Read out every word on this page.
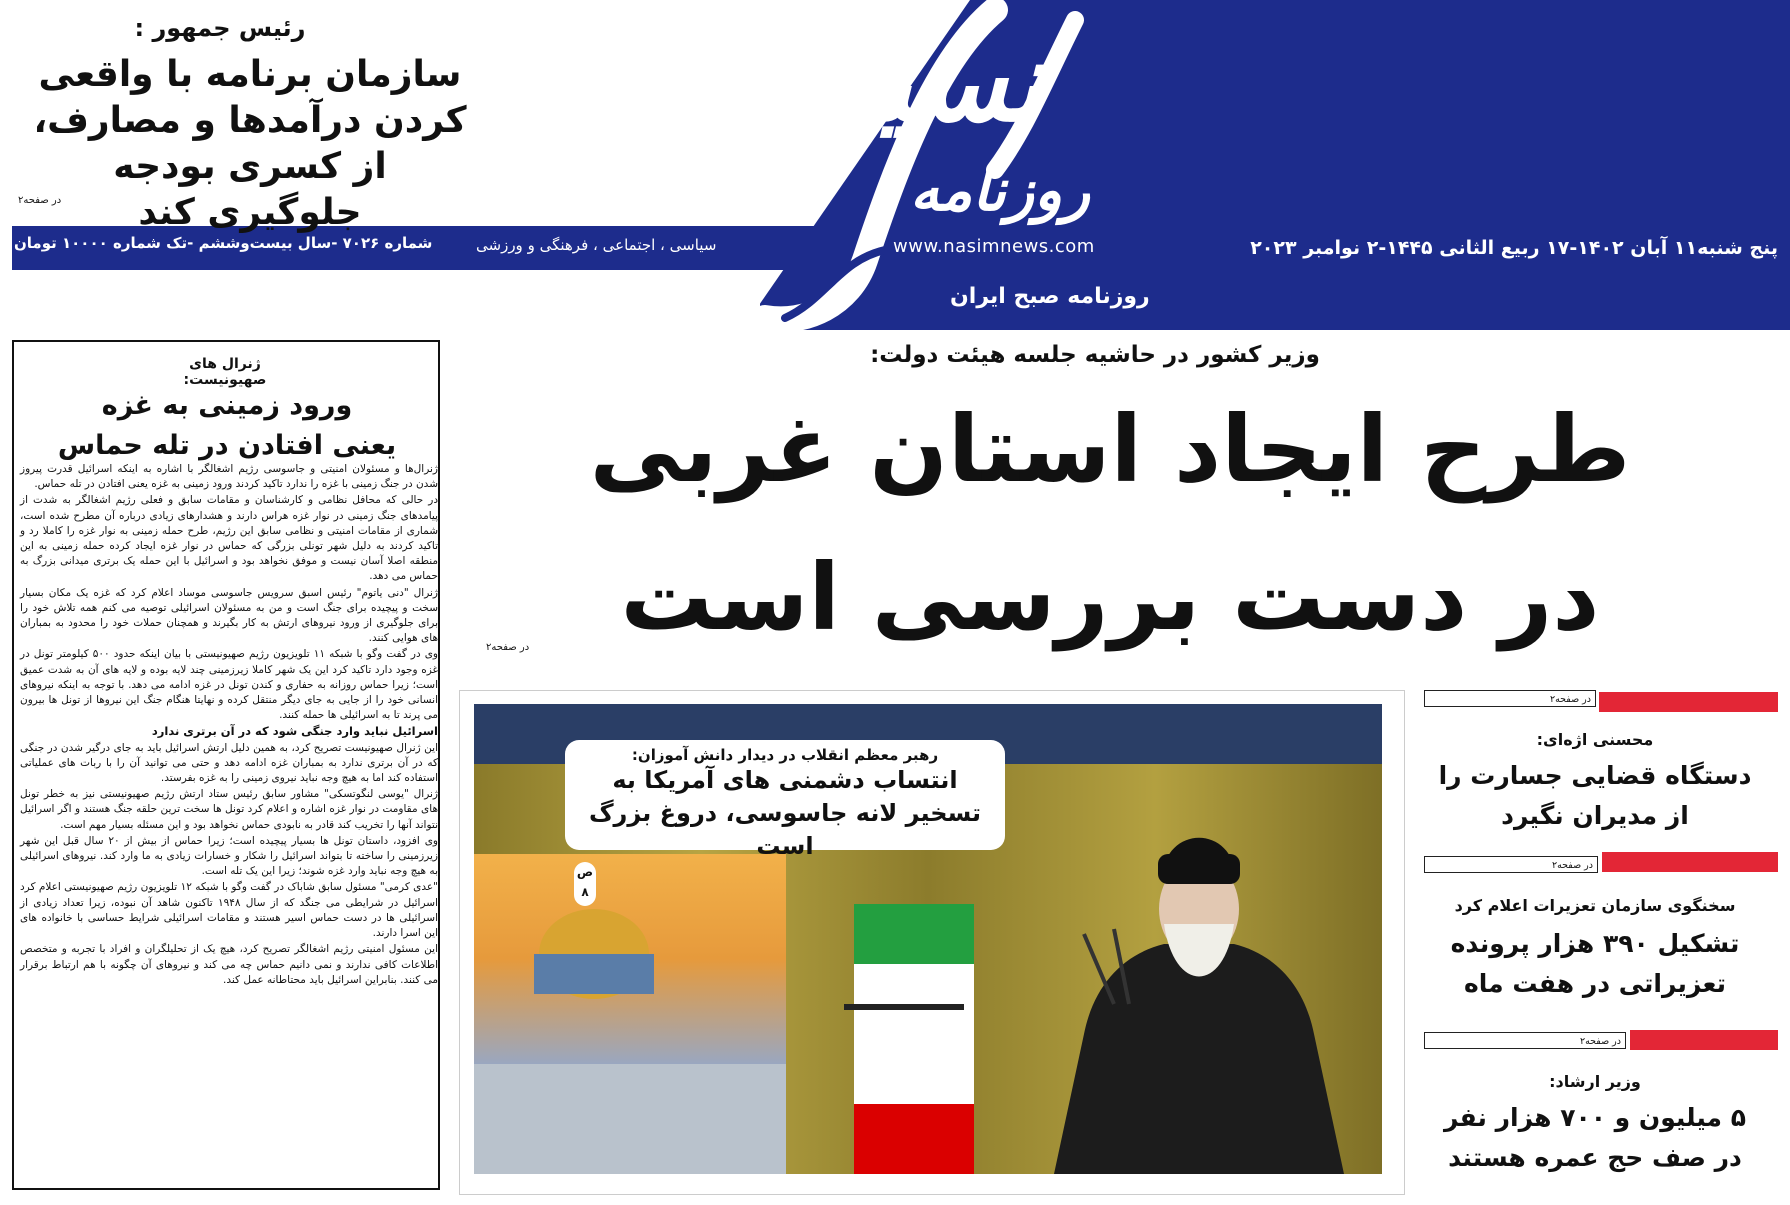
نسیم
روزنامه
پنج شنبه۱۱ آبان ۱۴۰۲-۱۷ ربیع الثانی ۱۴۴۵-۲ نوامبر ۲۰۲۳
www.nasimnews.com
روزنامه صبح ایران
سیاسی ، اجتماعی ، فرهنگی و ورزشی
شماره ۷۰۲۶ -سال بیست‌وششم -تک شماره ۱۰۰۰۰ تومان
رئیس جمهور :
سازمان برنامه با واقعی کردن درآمدها و مصارف، از کسری بودجه جلوگیری کند
در صفحه۲
ژنرال های صهیونیست:
ورود زمینی به غزه
یعنی افتادن در تله حماس

ژنرال‌ها و مسئولان امنیتی و جاسوسی رژیم اشغالگر با اشاره به اینکه اسرائیل قدرت پیروز شدن در جنگ زمینی با غزه را ندارد تاکید کردند ورود زمینی به غزه یعنی افتادن در تله حماس.

در حالی که محافل نظامی و کارشناسان و مقامات سابق و فعلی رژیم اشغالگر به شدت از پیامدهای جنگ زمینی در نوار غزه هراس دارند و هشدارهای زیادی درباره آن مطرح شده است، شماری از مقامات امنیتی و نظامی سابق این رژیم، طرح حمله زمینی به نوار غزه را کاملا رد و تاکید کردند به دلیل شهر تونلی بزرگی که حماس در نوار غزه ایجاد کرده حمله زمینی به این منطقه اصلا آسان نیست و موفق نخواهد بود و اسرائیل با این حمله یک برتری میدانی بزرگ به حماس می دهد.

ژنرال "دنی یاتوم" رئیس اسبق سرویس جاسوسی موساد اعلام کرد که غزه یک مکان بسیار سخت و پیچیده برای جنگ است و من به مسئولان اسرائیلی توصیه می کنم همه تلاش خود را برای جلوگیری از ورود نیروهای ارتش به کار بگیرند و همچنان حملات خود را محدود به بمباران های هوایی کنند.

وی در گفت وگو با شبکه ۱۱ تلویزیون رژیم صهیونیستی با بیان اینکه حدود ۵۰۰ کیلومتر تونل در غزه وجود دارد تاکید کرد این یک شهر کاملا زیرزمینی چند لایه بوده و لایه های آن به شدت عمیق است؛ زیرا حماس روزانه به حفاری و کندن تونل در غزه ادامه می دهد. با توجه به اینکه نیروهای انسانی خود را از جایی به جای دیگر منتقل کرده و نهایتا هنگام جنگ این نیروها از تونل ها بیرون می پرند تا به اسرائیلی ها حمله کنند.

اسرائیل نباید وارد جنگی شود که در آن برتری ندارد

این ژنرال صهیونیست تصریح کرد، به همین دلیل ارتش اسرائیل باید به جای درگیر شدن در جنگی که در آن برتری ندارد به بمباران غزه ادامه دهد و حتی می توانید آن را با ربات های عملیاتی استفاده کند اما به هیچ وجه نباید نیروی زمینی را به غزه بفرستد.

ژنرال "یوسی لنگوتسکی" مشاور سابق رئیس ستاد ارتش رژیم صهیونیستی نیز به خطر تونل های مقاومت در نوار غزه اشاره و اعلام کرد تونل ها سخت ترین حلقه جنگ هستند و اگر اسرائیل نتواند آنها را تخریب کند قادر به نابودی حماس نخواهد بود و این مسئله بسیار مهم است.

وی افزود، داستان تونل ها بسیار پیچیده است؛ زیرا حماس از بیش از ۲۰ سال قبل این شهر زیرزمینی را ساخته تا بتواند اسرائیل را شکار و خسارات زیادی به ما وارد کند. نیروهای اسرائیلی به هیچ وجه نباید وارد غزه شوند؛ زیرا این یک تله است.

"عدی کرمی" مسئول سابق شاباک در گفت وگو با شبکه ۱۲ تلویزیون رژیم صهیونیستی اعلام کرد اسرائیل در شرایطی می جنگد که از سال ۱۹۴۸ تاکنون شاهد آن نبوده، زیرا تعداد زیادی از اسرائیلی ها در دست حماس اسیر هستند و مقامات اسرائیلی شرایط حساسی با خانواده های این اسرا دارند.

این مسئول امنیتی رژیم اشغالگر تصریح کرد، هیچ یک از تحلیلگران و افراد با تجربه و متخصص اطلاعات کافی ندارند و نمی دانیم حماس چه می کند و نیروهای آن چگونه با هم ارتباط برقرار می کنند. بنابراین اسرائیل باید محتاطانه عمل کند.

وزیر کشور در حاشیه جلسه هیئت دولت:
طرح ایجاد استان غربی
در دست بررسی است
در صفحه۲
رهبر معظم انقلاب در دیدار دانش آموزان:
انتساب دشمنی های آمریکا به تسخیر لانه جاسوسی، دروغ بزرگ است
ص
۸
در صفحه۲
محسنی اژه‌ای:
دستگاه قضایی جسارت را
از مدیران نگیرد
در صفحه۲
سخنگوی سازمان تعزیرات اعلام کرد
تشکیل ۳۹۰ هزار پرونده
تعزیراتی در هفت ماه
در صفحه۲
وزیر ارشاد:
۵ میلیون و ۷۰۰ هزار نفر
در صف حج عمره هستند
